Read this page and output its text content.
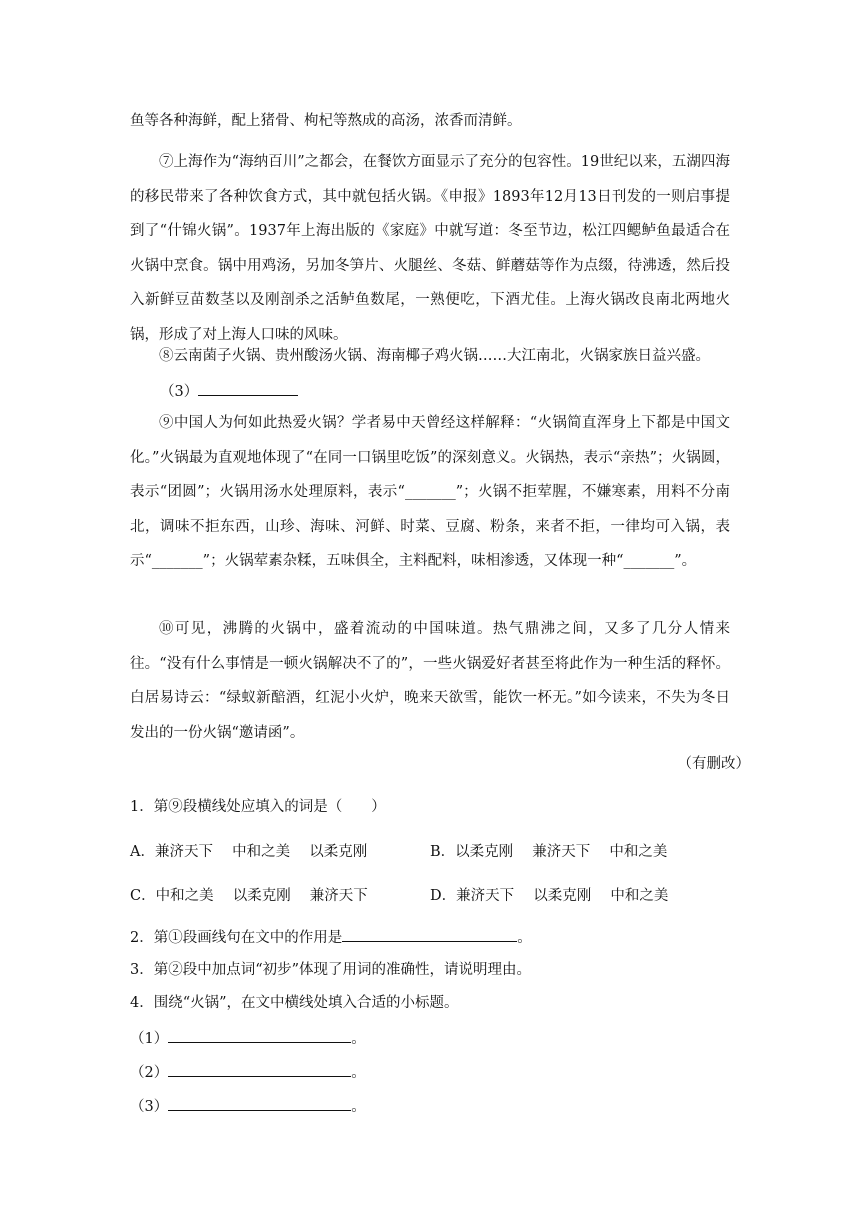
鱼等各种海鲜，配上猪骨、枸杞等熬成的高汤，浓香而清鲜。

⑦上海作为“海纳百川”之都会，在餐饮方面显示了充分的包容性。19世纪以来，五湖四海的移民带来了各种饮食方式，其中就包括火锅。《申报》1893年12月13日刊发的一则启事提到了“什锦火锅”。1937年上海出版的《家庭》中就写道：冬至节边，松江四鳃鲈鱼最适合在火锅中烹食。锅中用鸡汤，另加冬笋片、火腿丝、冬菇、鲜蘑菇等作为点缀，待沸透，然后投入新鲜豆苗数茎以及刚剖杀之活鲈鱼数尾，一熟便吃，下酒尤佳。上海火锅改良南北两地火锅，形成了对上海人口味的风味。

⑧云南菌子火锅、贵州酸汤火锅、海南椰子鸡火锅……大江南北，火锅家族日益兴盛。

（3）

⑨中国人为何如此热爱火锅？学者易中天曾经这样解释：“火锅简直浑身上下都是中国文化。”火锅最为直观地体现了“在同一口锅里吃饭”的深刻意义。火锅热，表示“亲热”；火锅圆，表示“团圆”；火锅用汤水处理原料，表示“_______”；火锅不拒荤腥，不嫌寒素，用料不分南北，调味不拒东西，山珍、海味、河鲜、时菜、豆腐、粉条，来者不拒，一律均可入锅，表示“_______”；火锅荤素杂糅，五味俱全，主料配料，味相渗透，又体现一种“_______”。

⑩可见，沸腾的火锅中，盛着流动的中国味道。热气鼎沸之间，又多了几分人情来往。“没有什么事情是一顿火锅解决不了的”，一些火锅爱好者甚至将此作为一种生活的释怀。白居易诗云：“绿蚁新醅酒，红泥小火炉，晚来天欲雪，能饮一杯无。”如今读来，不失为冬日发出的一份火锅“邀请函”。

（有删改）
1．第⑨段横线处应填入的词是（　　）
A．兼济天下　 中和之美　 以柔克刚	B．以柔克刚　 兼济天下　 中和之美
C．中和之美　 以柔克刚　 兼济天下	D．兼济天下　 以柔克刚　 中和之美
2．第①段画线句在文中的作用是	。
3．第②段中加点词“初步”体现了用词的准确性，请说明理由。
4．围绕“火锅”，在文中横线处填入合适的小标题。
（1）	。
（2）	。
（3）	。
